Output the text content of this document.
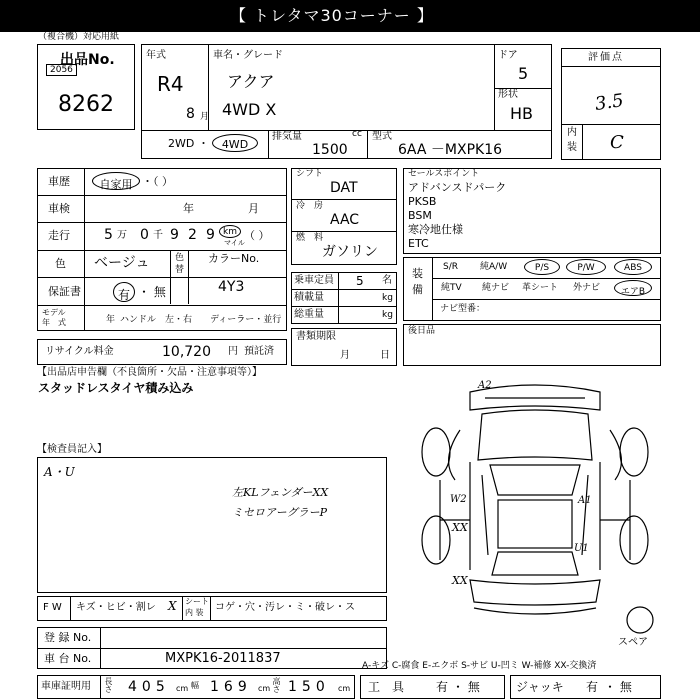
【 トレタマ30コーナー 】
（複合機）対応用紙
出品No.
2056
8262
年式
R4
8 月
車名・グレード
アクア
4WD X
ドア
5
形状
HB
2WD ・	4WD
排気量	cc
1500
型式
6AA －MXPK16
評価点
3.5
内
装 C
車歴	自家用 ・（ ）
車検	年	月
走行 5 万 0 千 9 2 9 km
マイル
（ ）
色 ベージュ	色
替
カラーNo.
4Y3
保証書	有 ・ 無
モデル
年　式	年 ハンドル　左・右 ディーラー・並行
リサイクル料金	10,720 円 預託済
シフト
DAT
冷　房
AAC
燃　料
ガソリン
乗車定員 5 名
積載量	kg
総重量	kg
書類期限
月	日
セールスポイント
アドバンスドパーク
PKSB
BSM
寒冷地仕様
ETC
装
備
S/R 純A/W	P/S	P/W	ABS
純TV 純ナビ 革シート 外ナビ	エアB
ナビ型番：
後日品
【出品店申告欄（不良箇所・欠品・注意事項等）】
スタッドレスタイヤ積み込み
【検査員記入】
A・U
左KLフェンダーXX
ミセロアーグラーP
F W キズ・ヒビ・割レ X シート
内 装 コゲ・穴・汚レ・ミ・破レ・ス
A2
W2	A1
U1
XX
XX
スペア
登 録 No.
車 台 No.	MXPK16-2011837	A-キズ C-腐食 E-エクボ S-サビ U-凹ミ W-補修 XX-交換済
車庫証明用 長さ 405 cm 幅 169 cm 高さ 150 cm 工　具	有 ・ 無	ジャッキ 有 ・ 無
